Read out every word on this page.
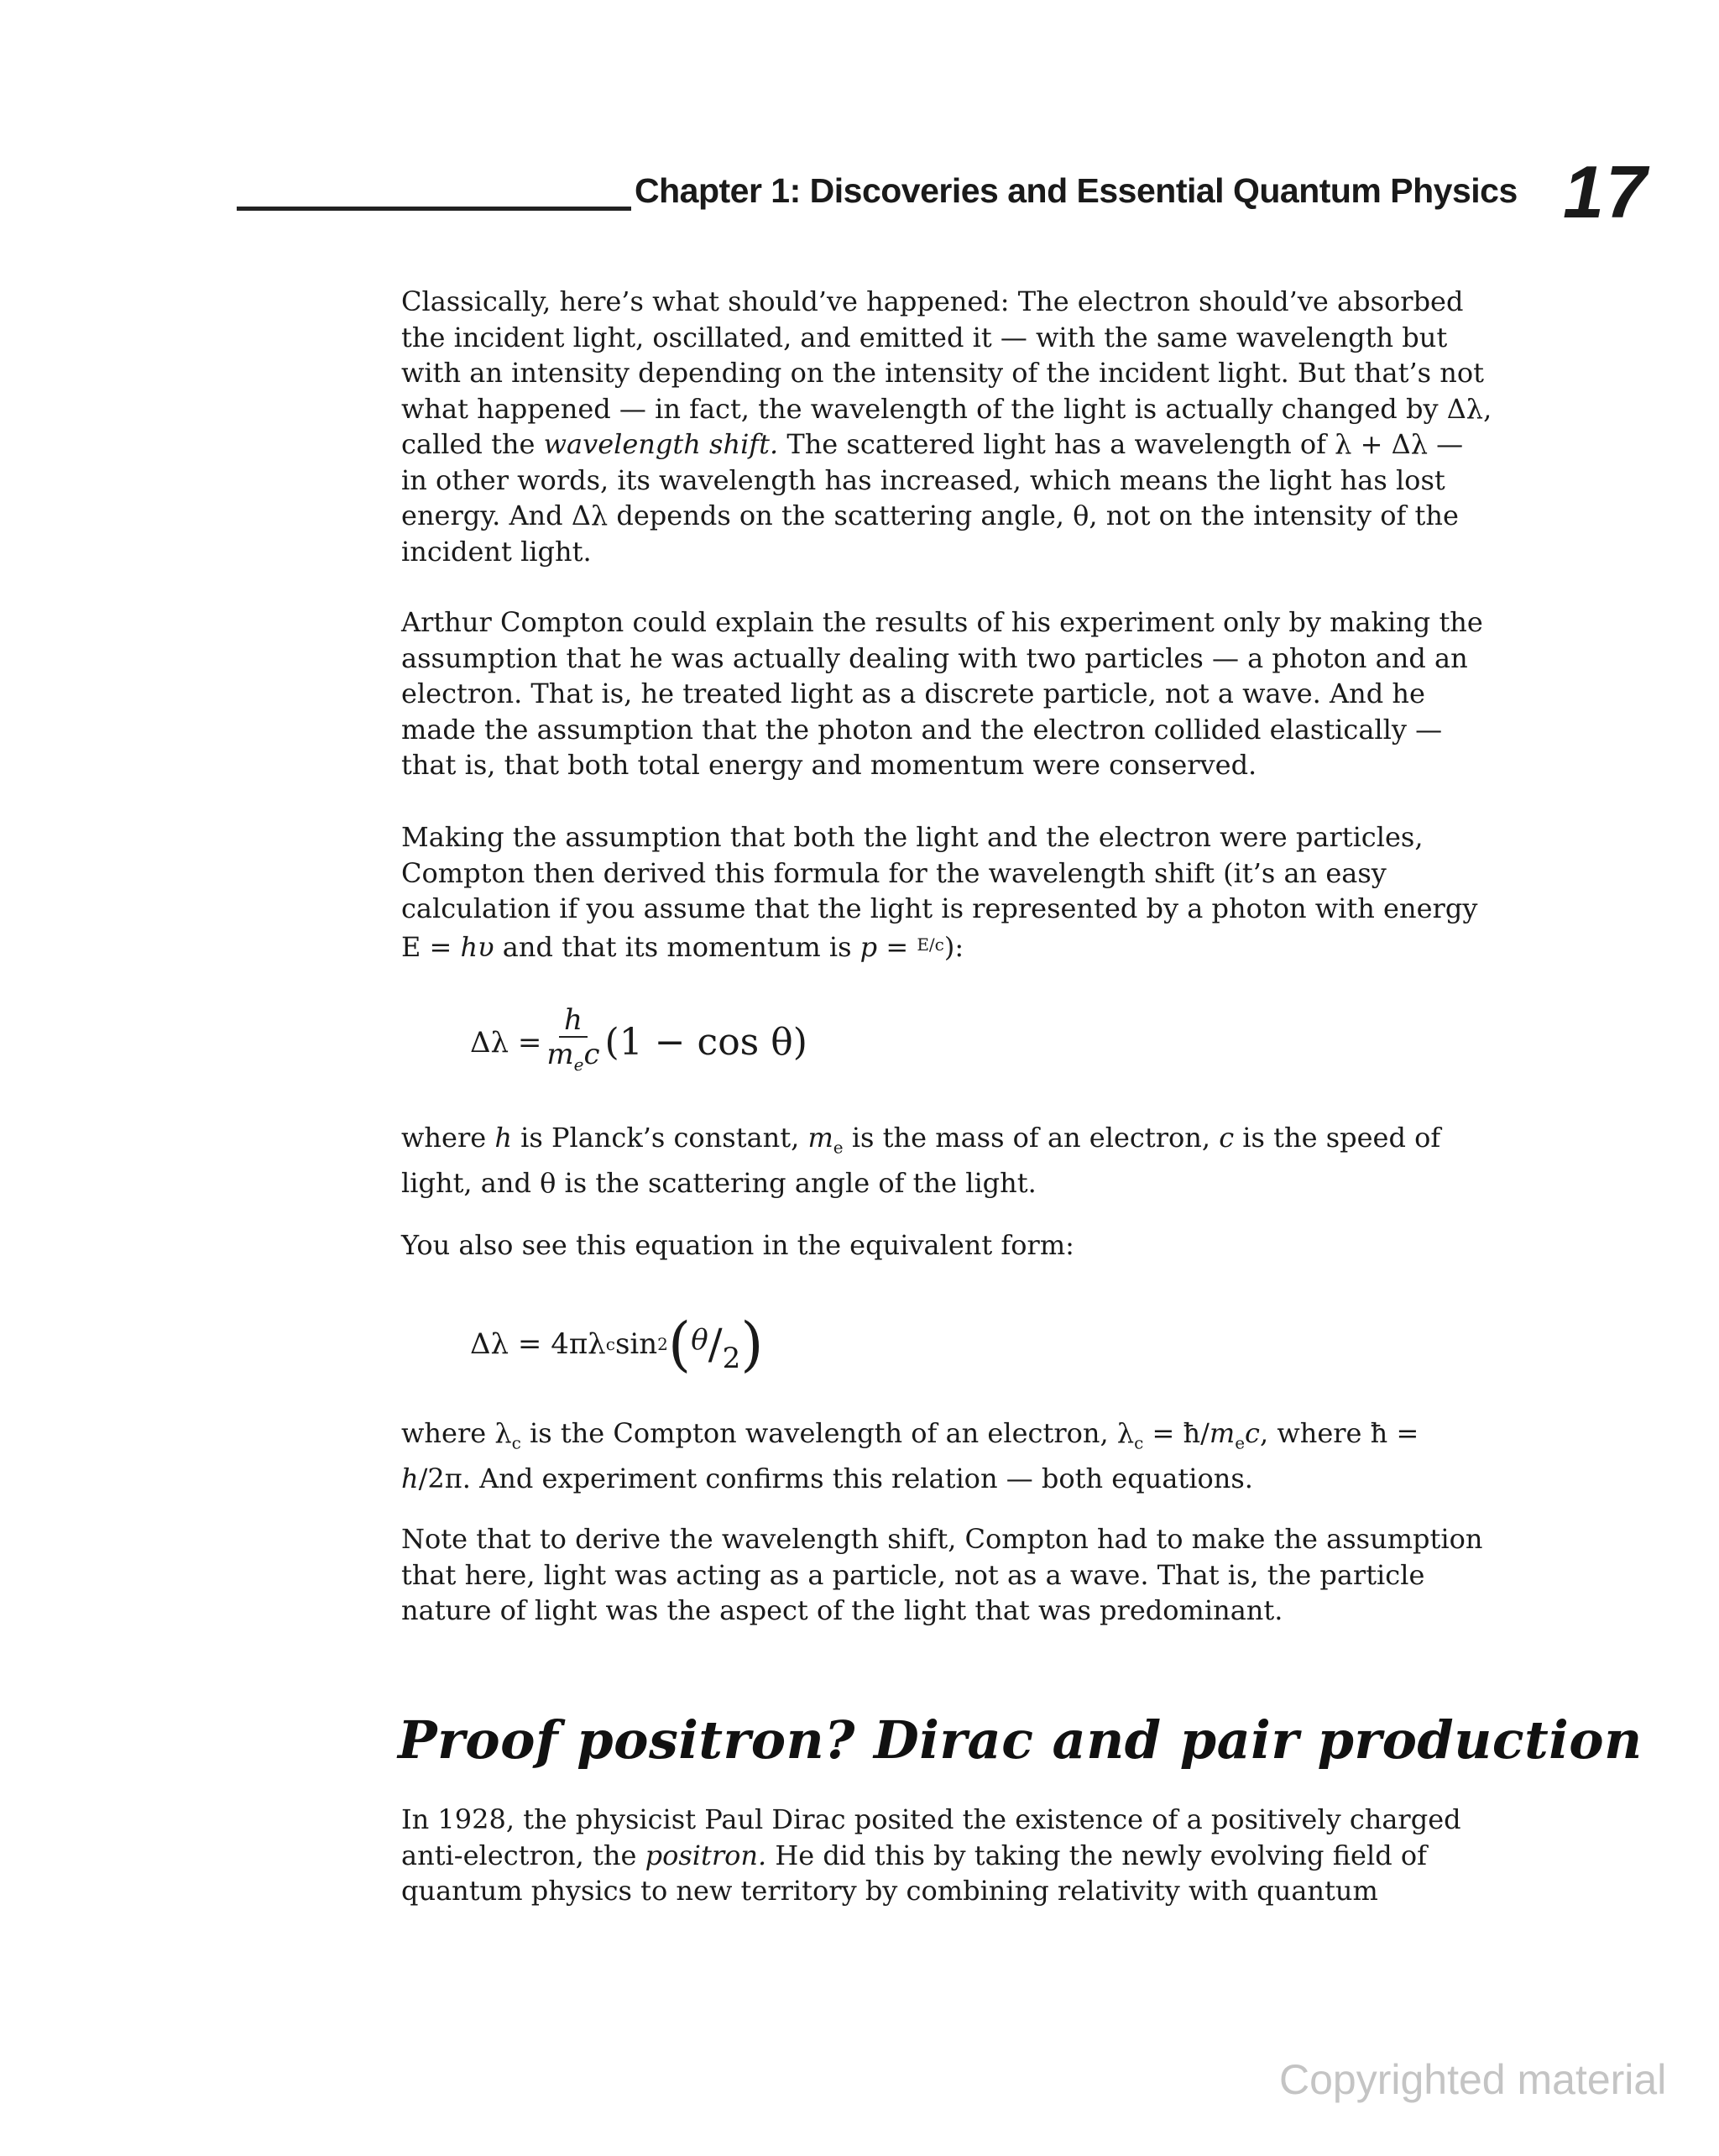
Chapter 1: Discoveries and Essential Quantum Physics 17

Classically, here’s what should’ve happened: The electron should’ve absorbed the incident light, oscillated, and emitted it — with the same wavelength but with an intensity depending on the intensity of the incident light. But that’s not what happened — in fact, the wavelength of the light is actually changed by Δλ, called the wavelength shift. The scattered light has a wavelength of λ + Δλ — in other words, its wavelength has increased, which means the light has lost energy. And Δλ depends on the scattering angle, θ, not on the intensity of the incident light.

Arthur Compton could explain the results of his experiment only by making the assumption that he was actually dealing with two particles — a photon and an electron. That is, he treated light as a discrete particle, not a wave. And he made the assumption that the photon and the electron collided elastically — that is, that both total energy and momentum were conserved.

Making the assumption that both the light and the electron were particles, Compton then derived this formula for the wavelength shift (it’s an easy calculation if you assume that the light is represented by a photon with energy E = hυ and that its momentum is p = $^{E/c}$):

$\Delta\lambda = \frac{h}{m_ec} (1 - \cos \theta)$

where h is Planck’s constant, $m_e$ is the mass of an electron, c is the speed of light, and θ is the scattering angle of the light.

You also see this equation in the equivalent form:

Δλ = 4πλ c sin 2 ( θ / 2 )

where $\lambda_c$ is the Compton wavelength of an electron, $\lambda_c$ = $ħ/m_ec$, where ħ = h/2π. And experiment confirms this relation — both equations.

Note that to derive the wavelength shift, Compton had to make the assumption that here, light was acting as a particle, not as a wave. That is, the particle nature of light was the aspect of the light that was predominant.

Proof positron? Dirac and pair production

In 1928, the physicist Paul Dirac posited the existence of a positively charged anti-electron, the positron. He did this by taking the newly evolving field of quantum physics to new territory by combining relativity with quantum

Copyrighted material
